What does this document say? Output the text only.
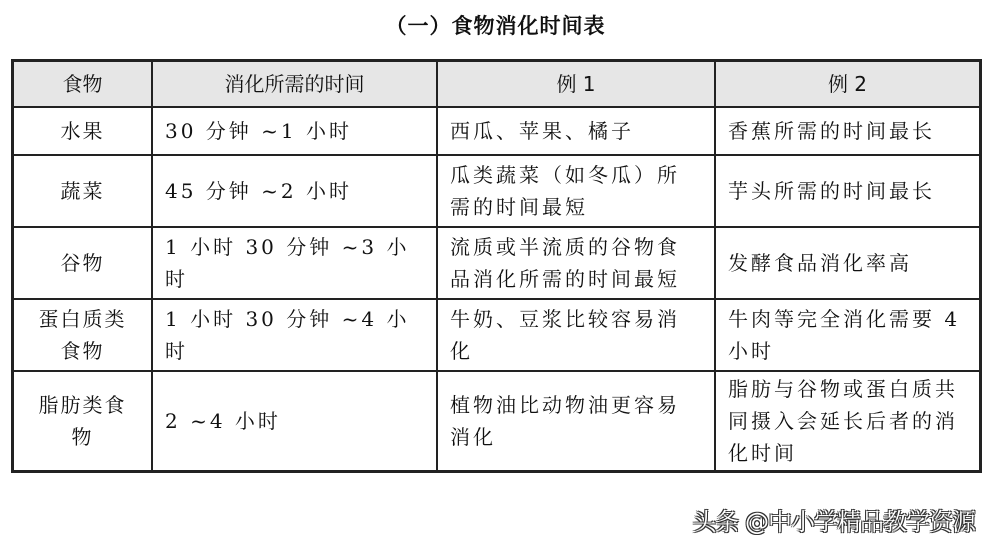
（一）食物消化时间表
食物	消化所需的时间	例 1	例 2
水果	30 分钟 ~1 小时	西瓜、苹果、橘子	香蕉所需的时间最长
蔬菜	45 分钟 ~2 小时	瓜类蔬菜（如冬瓜）所需的时间最短	芋头所需的时间最长
谷物	1 小时 30 分钟 ~3 小时	流质或半流质的谷物食品消化所需的时间最短	发酵食品消化率高
蛋白质类食物	1 小时 30 分钟 ~4 小时	牛奶、豆浆比较容易消化	牛肉等完全消化需要 4 小时
脂肪类食物	2 ~4 小时	植物油比动物油更容易消化	脂肪与谷物或蛋白质共同摄入会延长后者的消化时间
头条 @中小学精品教学资源
